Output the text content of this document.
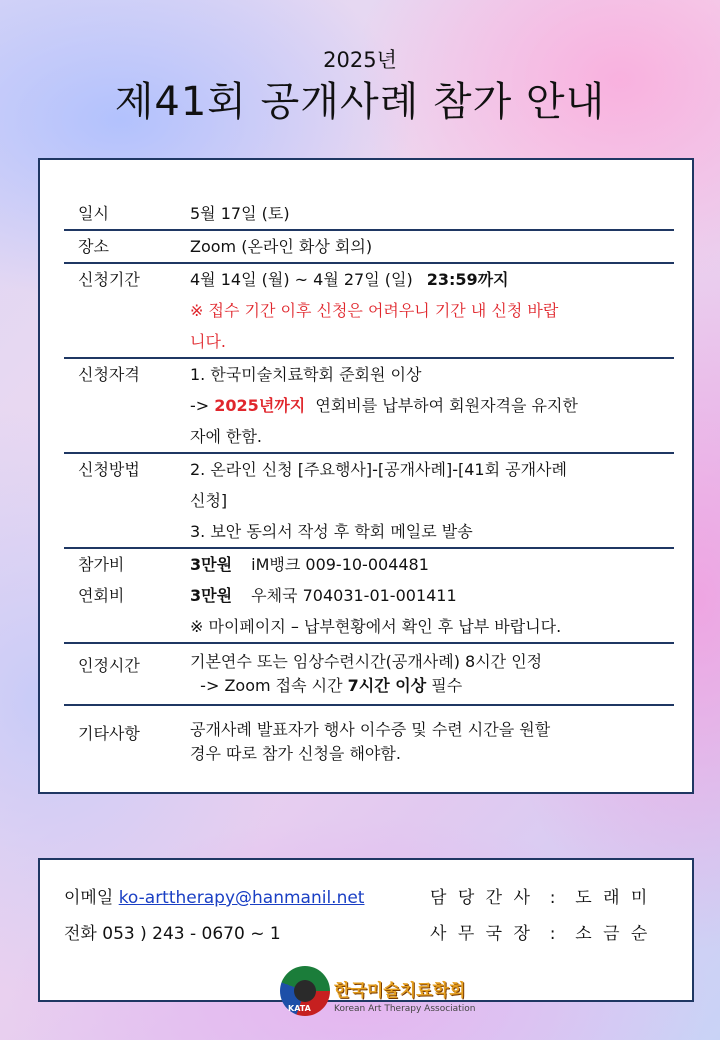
2025년
제41회 공개사례 참가 안내
일시	5월 17일 (토)
장소	Zoom (온라인 화상 회의)
신청기간	4월 14일 (월) ~ 4월 27일 (일) 23:59까지
※ 접수 기간 이후 신청은 어려우니 기간 내 신청 바랍
니다.

신청자격	1. 한국미술치료학회 준회원 이상
-> 2025년까지 연회비를 납부하여 회원자격을 유지한
자에 한함.

신청방법	2. 온라인 신청 [주요행사]-[공개사례]-[41회 공개사례
신청]
3. 보안 동의서 작성 후 학회 메일로 발송

참가비	3만원 iM뱅크 009-10-004481
연회비	3만원 우체국 704031-01-001411
※ 마이페이지 – 납부현황에서 확인 후 납부 바랍니다.

인정시간	기본연수 또는 임상수련시간(공개사례) 8시간 인정
-> Zoom 접속 시간 7시간 이상 필수

기타사항	공개사례 발표자가 행사 이수증 및 수련 시간을 원할
경우 따로 참가 신청을 해야함.
이메일 ko-arttherapy@hanmanil.net
전화 053 ) 243 - 0670 ~ 1
담 당 간 사 : 도 래 미
사 무 국 장 : 소 금 순
KATA
한국미술치료학회
Korean Art Therapy Association
